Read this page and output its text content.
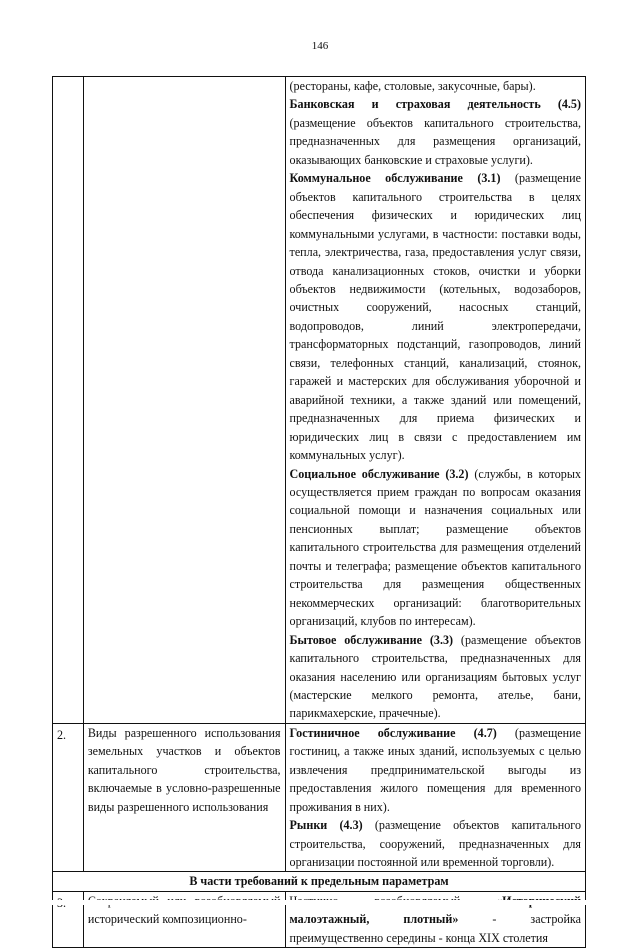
146

		(рестораны, кафе, столовые, закусочные, бары).

Банковская и страховая деятельность (4.5) (размещение объектов капитального строительства, предназначенных для размещения организаций, оказывающих банковские и страховые услуги).

Коммунальное обслуживание (3.1) (размещение объектов капитального строительства в целях обеспечения физических и юридических лиц коммунальными услугами, в частности: поставки воды, тепла, электричества, газа, предоставления услуг связи, отвода канализационных стоков, очистки и уборки объектов недвижимости (котельных, водозаборов, очистных сооружений, насосных станций, водопроводов, линий электропередачи, трансформаторных подстанций, газопроводов, линий связи, телефонных станций, канализаций, стоянок, гаражей и мастерских для обслуживания уборочной и аварийной техники, а также зданий или помещений, предназначенных для приема физических и юридических лиц в связи с предоставлением им коммунальных услуг).

Социальное обслуживание (3.2) (службы, в которых осуществляется прием граждан по вопросам оказания социальной помощи и назначения социальных или пенсионных выплат; размещение объектов капитального строительства для размещения отделений почты и телеграфа; размещение объектов капитального строительства для размещения общественных некоммерческих организаций: благотворительных организаций, клубов по интересам).

Бытовое обслуживание (3.3) (размещение объектов капитального строительства, предназначенных для оказания населению или организациям бытовых услуг (мастерские мелкого ремонта, ателье, бани, парикмахерские, прачечные).

2.	Виды разрешенного использования земельных участков и объектов капитального строительства, включаемые в условно-разрешенные виды разрешенного использования	Гостиничное обслуживание (4.7) (размещение гостиниц, а также иных зданий, используемых с целью извлечения предпринимательской выгоды из предоставления жилого помещения для временного проживания в них).

Рынки (4.3) (размещение объектов капитального строительства, сооружений, предназначенных для организации постоянной или временной торговли).

В части требований к предельным параметрам		

исторический композиционно-	малоэтажный, плотный» - застройка преимущественно середины - конца XIX столетия
